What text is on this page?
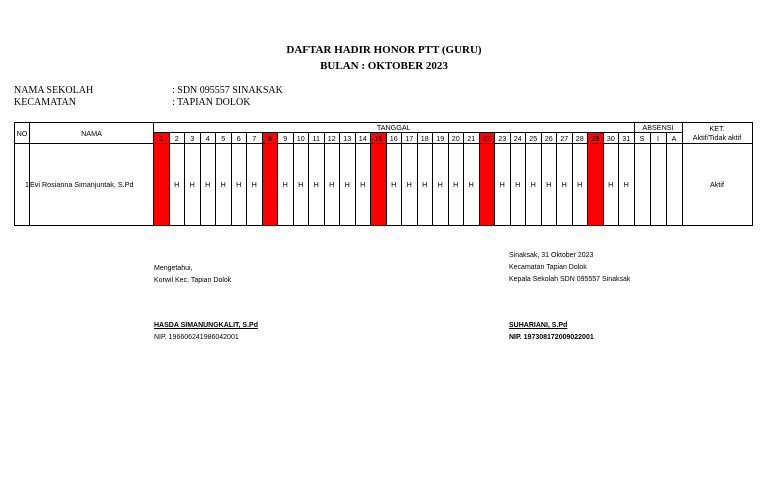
DAFTAR HADIR HONOR PTT (GURU)
BULAN : OKTOBER 2023
NAMA SEKOLAH	: SDN 095557 SINAKSAK
KECAMATAN	: TAPIAN DOLOK
NO	NAMA	TANGGAL																															ABSENSI			KET.
Aktif/Tidak aktif

		1	2	3	4	5	6	7	8	9	10	11	12	13	14	15	16	17	18	19	20	21	22	23	24	25	26	27	28	29	30	31	S	I	A	
1	Evi Rosianna Simanjuntak, S.Pd		H	H	H	H	H	H		H	H	H	H	H	H		H	H	H	H	H	H		H	H	H	H	H	H		H	H				Aktif
Mengetahui,
Korwil Kec. Tapian Dolok
HASDA SIMANUNGKALIT, S.Pd
NIP. 196606241986042001
Sinaksak, 31 Oktober 2023
Kecamatan Tapian Dolok
Kepala Sekolah SDN 095557 Sinaksak
SUHARIANI, S.Pd
NIP. 197308172009022001
